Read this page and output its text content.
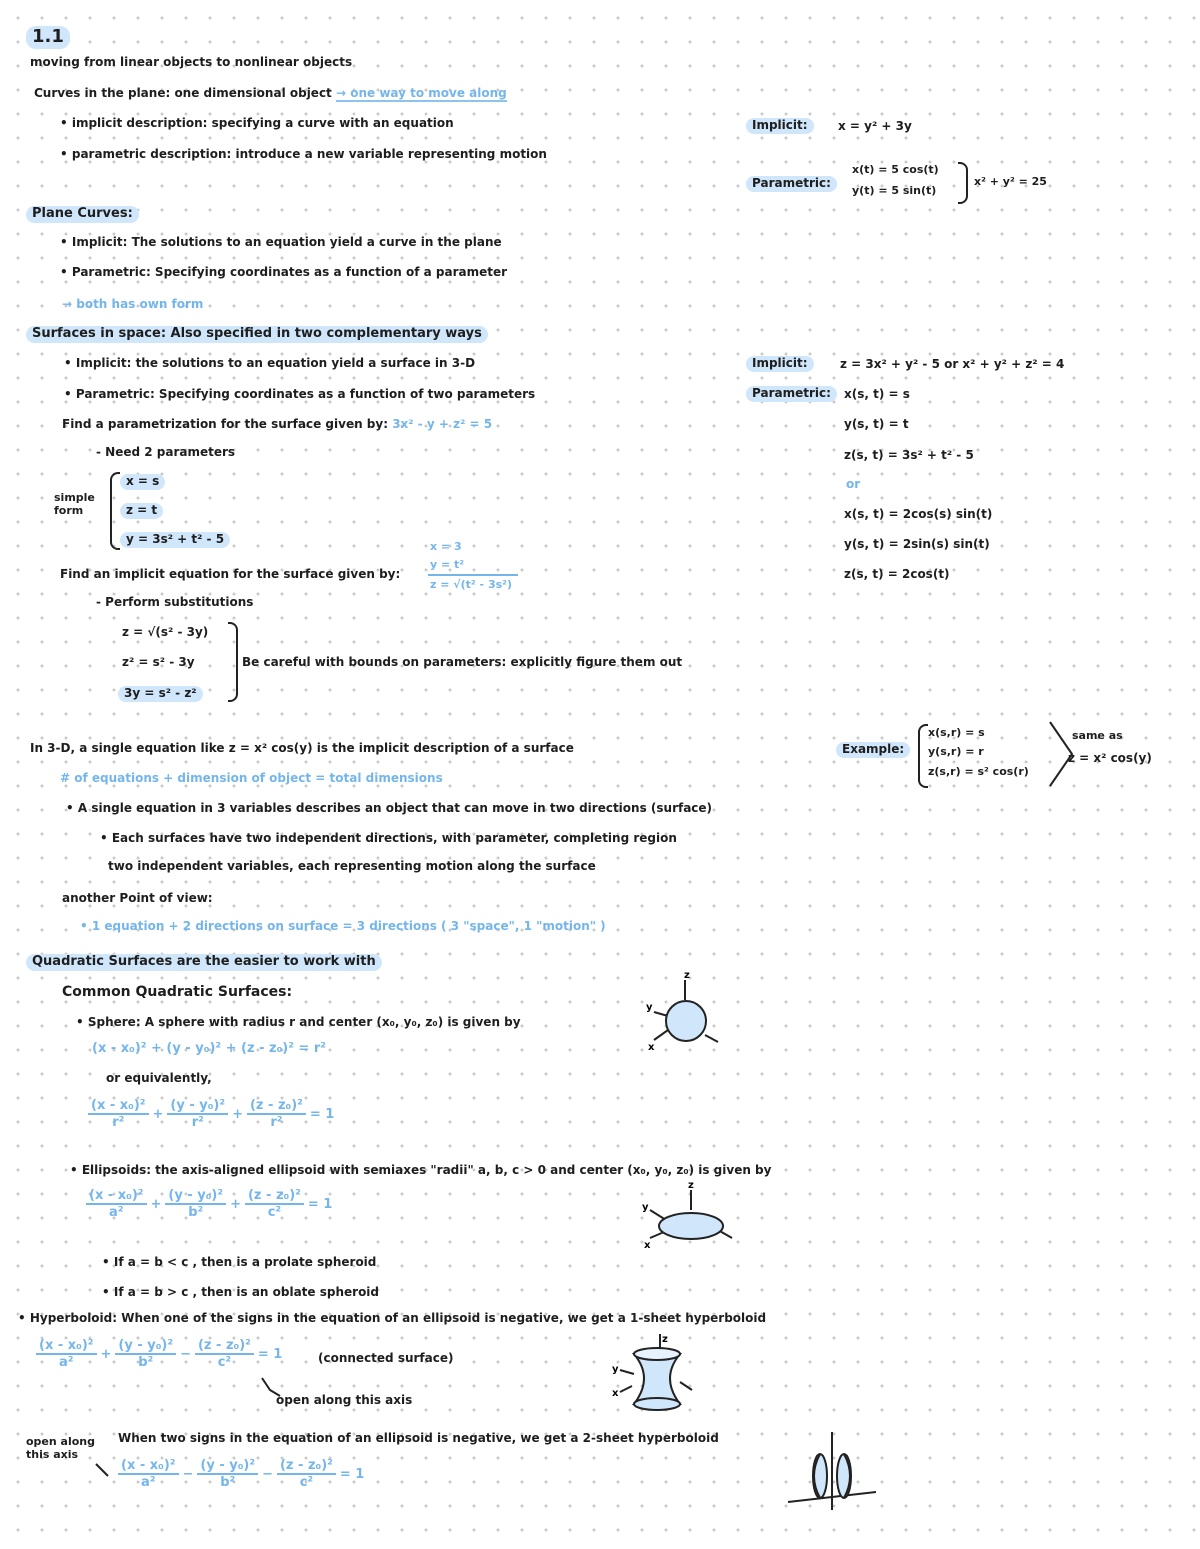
1.1
moving from linear objects to nonlinear objects
Curves in the plane: one dimensional object → one way to move along
• implicit description: specifying a curve with an equation
• parametric description: introduce a new variable representing motion
Implicit:	x = y² + 3y
Parametric:
x(t) = 5 cos(t)
y(t) = 5 sin(t)
x² + y² = 25
Plane Curves:
• Implicit: The solutions to an equation yield a curve in the plane
• Parametric: Specifying coordinates as a function of a parameter
→ both has own form
Surfaces in space: Also specified in two complementary ways
• Implicit: the solutions to an equation yield a surface in 3-D
• Parametric: Specifying coordinates as a function of two parameters
Find a parametrization for the surface given by: 3x² - y + z² = 5
- Need 2 parameters
simple form
x = s
z = t
y = 3s² + t² - 5
Find an implicit equation for the surface given by:
x = 3
y = t²
z = √(t² - 3s²)
- Perform substitutions
z = √(s² - 3y)
z² = s² - 3y
3y = s² - z²
Be careful with bounds on parameters: explicitly figure them out
Implicit:	z = 3x² + y² - 5 or x² + y² + z² = 4
Parametric:	x(s, t) = s
y(s, t) = t
z(s, t) = 3s² + t² - 5
or
x(s, t) = 2cos(s) sin(t)
y(s, t) = 2sin(s) sin(t)
z(s, t) = 2cos(t)
In 3-D, a single equation like z = x² cos(y) is the implicit description of a surface
# of equations + dimension of object = total dimensions
• A single equation in 3 variables describes an object that can move in two directions (surface)
• Each surfaces have two independent directions, with parameter, completing region
two independent variables, each representing motion along the surface
another Point of view:
• 1 equation + 2 directions on surface = 3 directions ( 3 "space", 1 "motion" )
Example:
x(s,r) = s
y(s,r) = r
z(s,r) = s² cos(r)
same as
z = x² cos(y)
Quadratic Surfaces are the easier to work with
Common Quadratic Surfaces:
• Sphere: A sphere with radius r and center (x₀, y₀, z₀) is given by
(x - x₀)² + (y - y₀)² + (z - z₀)² = r²
or equivalently,
(x - x₀)²
r²
+
(y - y₀)²
r²
+ $\frac{\text{(z - z₀)²}}{\text{r²}} = 1$
z
y
x
• Ellipsoids: the axis-aligned ellipsoid with semiaxes "radii" a, b, c > 0 and center (x₀, y₀, z₀) is given by
(x - x₀)²
a²
+
(y - y₀)²
b²
+ $\frac{\text{(z - z₀)²}}{\text{c²}} = 1$
z
y
x
• If a = b < c , then is a prolate spheroid
• If a = b > c , then is an oblate spheroid
• Hyperboloid: When one of the signs in the equation of an ellipsoid is negative, we get a 1-sheet hyperboloid
(x - x₀)²
a²
+
(y - y₀)²
b²
− $\frac{\text{(z - z₀)²}}{\text{c²}} = 1$	(connected surface)
open along this axis
z
y
x
open along this axis
When two signs in the equation of an ellipsoid is negative, we get a 2-sheet hyperboloid
(x - x₀)²
a²
−
(y - y₀)²
b²
− $\frac{\text{(z - z₀)²}}{\text{c²}} = 1$
